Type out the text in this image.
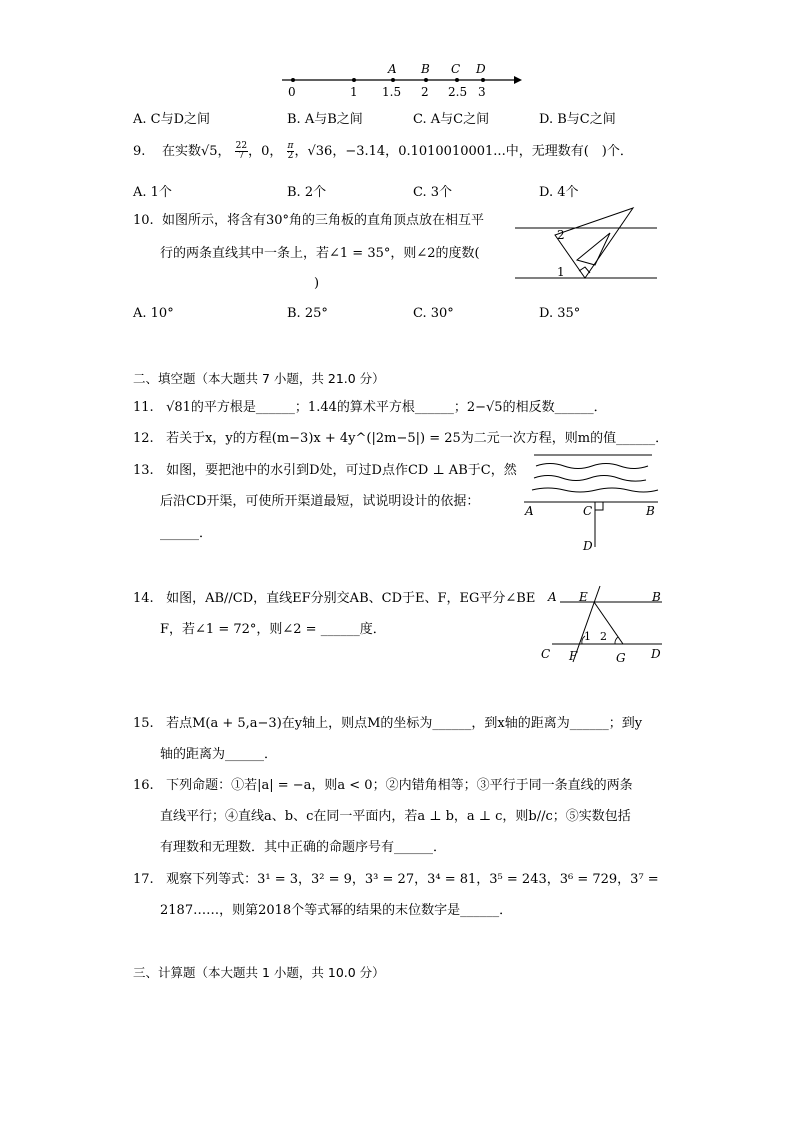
A B C D
0	1 1.5 2 2.5 3
A. C与D之间	B. A与B之间	C. A与C之间	D. B与C之间
9. 在实数√5， $\frac{22}{7}$ ，0， $\frac{\pi}{2}$ ，√36，−3.14，0.1010010001...中，无理数有(　)个．
A. 1个	B. 2个	C. 3个	D. 4个
10. 如图所示，将含有30°角的三角板的直角顶点放在相互平
行的两条直线其中一条上，若∠1 = 35°，则∠2的度数(
)
2
1
A. 10°	B. 25°	C. 30°	D. 35°
二、填空题（本大题共 7 小题，共 21.0 分）
11. √81的平方根是______；1.44的算术平方根______；2−√5的相反数______．
12. 若关于x，y的方程(m−3)x + 4y^(|2m−5|) = 25为二元一次方程，则m的值______．
13. 如图，要把池中的水引到D处，可过D点作CD ⊥ AB于C，然
后沿CD开渠，可使所开渠道最短，试说明设计的依据：
______．
A	C	B
D
14. 如图，AB//CD，直线EF分别交AB、CD于E、F，EG平分∠BE
F，若∠1 = 72°，则∠2 = ______度．
A E	B
1 2
C F	G D
15. 若点M(a + 5,a−3)在y轴上，则点M的坐标为______，到x轴的距离为______；到y
轴的距离为______．
16. 下列命题：①若|a| = −a，则a < 0；②内错角相等；③平行于同一条直线的两条
直线平行；④直线a、b、c在同一平面内，若a ⊥ b，a ⊥ c，则b//c；⑤实数包括
有理数和无理数．其中正确的命题序号有______．
17. 观察下列等式：3¹ = 3，3² = 9，3³ = 27，3⁴ = 81，3⁵ = 243，3⁶ = 729，3⁷ =
2187……，则第2018个等式幂的结果的末位数字是______．
三、计算题（本大题共 1 小题，共 10.0 分）
